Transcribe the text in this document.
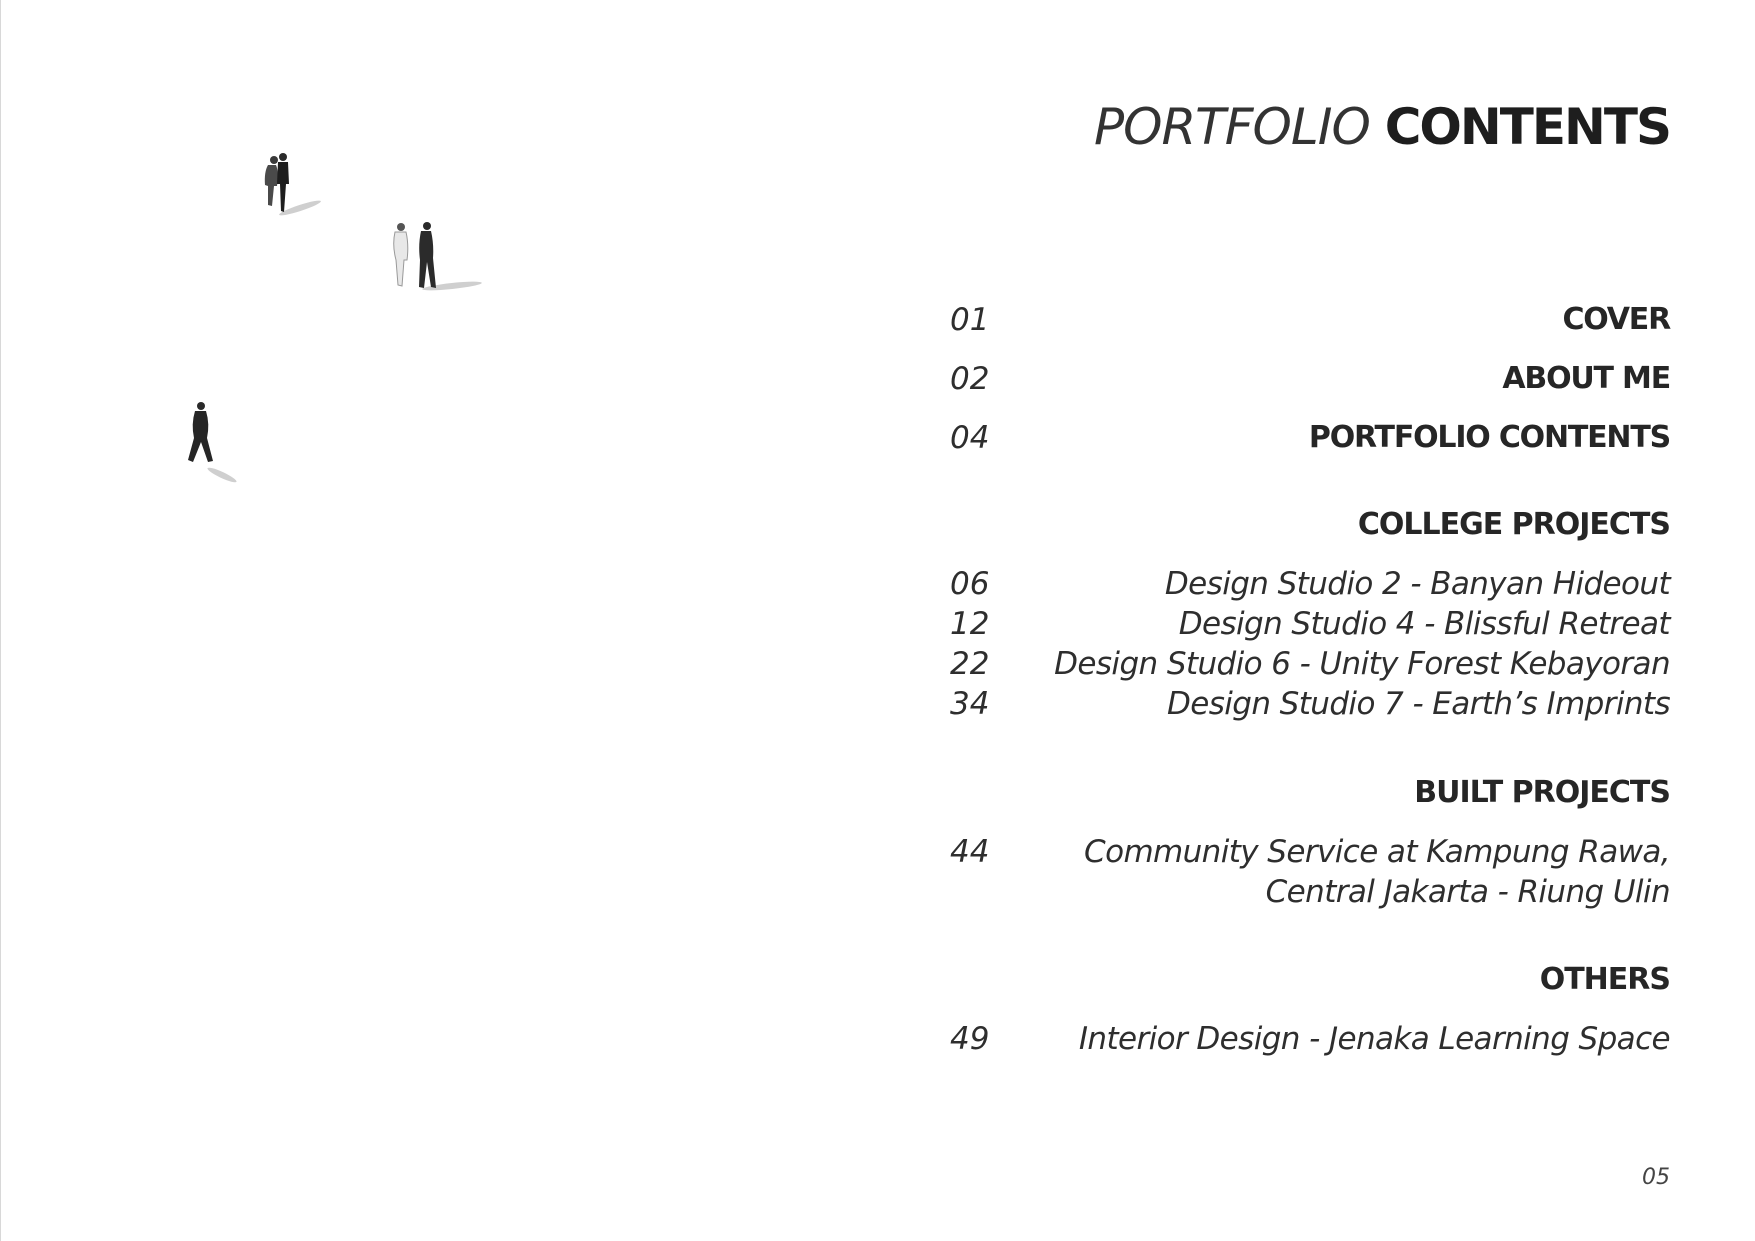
PORTFOLIO CONTENTS
01	COVER
02	ABOUT ME
04	PORTFOLIO CONTENTS
COLLEGE PROJECTS
06	Design Studio 2 - Banyan Hideout
12	Design Studio 4 - Blissful Retreat
22 Design Studio 6 - Unity Forest Kebayoran
34	Design Studio 7 - Earth’s Imprints
BUILT PROJECTS
44	Community Service at Kampung Rawa,
Central Jakarta - Riung Ulin
OTHERS
49	Interior Design - Jenaka Learning Space
05
